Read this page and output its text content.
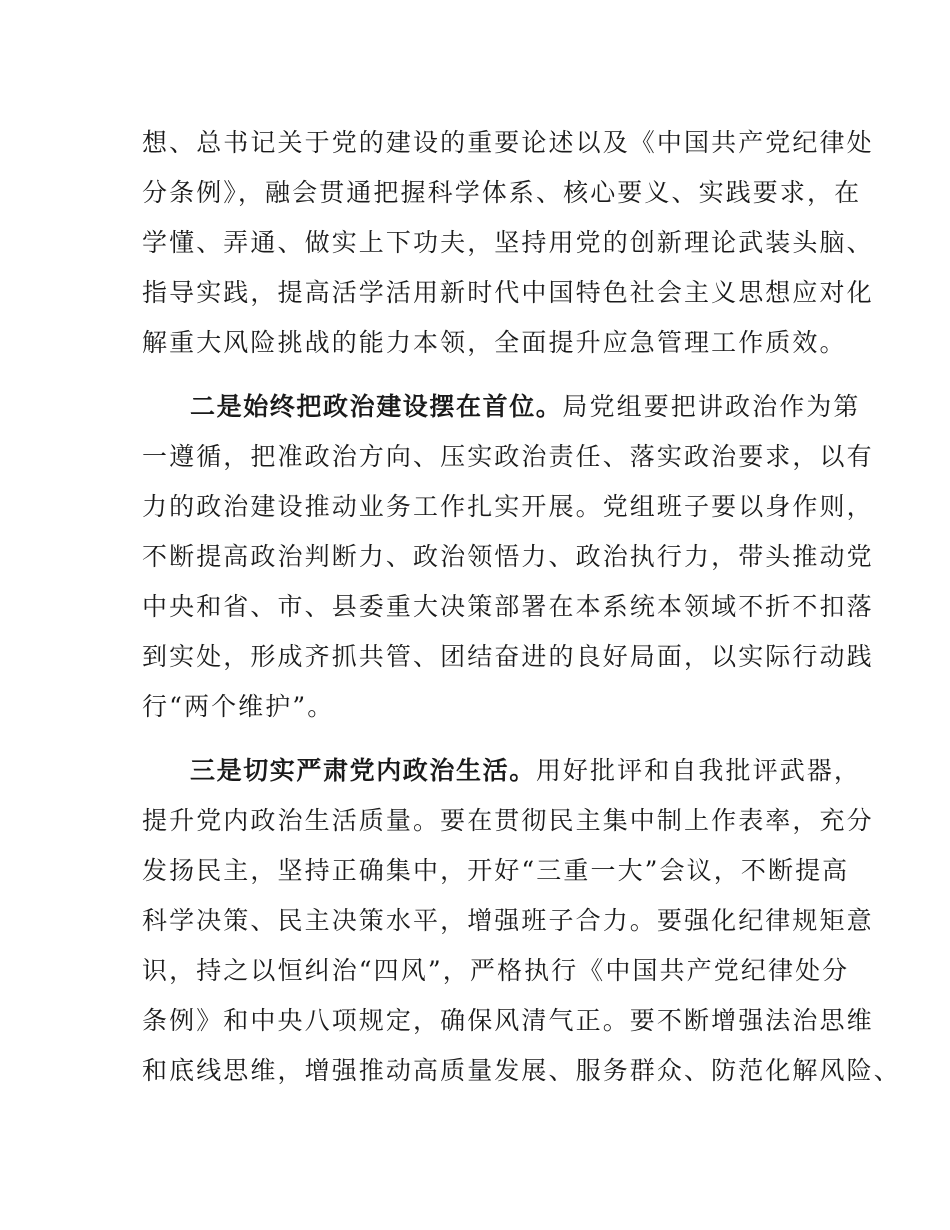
想、总书记关于党的建设的重要论述以及《中国共产党纪律处
分条例》，融会贯通把握科学体系、核心要义、实践要求，在
学懂、弄通、做实上下功夫，坚持用党的创新理论武装头脑、
指导实践，提高活学活用新时代中国特色社会主义思想应对化
解重大风险挑战的能力本领，全面提升应急管理工作质效。
二是始终把政治建设摆在首位。局党组要把讲政治作为第
一遵循，把准政治方向、压实政治责任、落实政治要求，以有
力的政治建设推动业务工作扎实开展。党组班子要以身作则，
不断提高政治判断力、政治领悟力、政治执行力，带头推动党
中央和省、市、县委重大决策部署在本系统本领域不折不扣落
到实处，形成齐抓共管、团结奋进的良好局面，以实际行动践
行“两个维护”。
三是切实严肃党内政治生活。用好批评和自我批评武器，
提升党内政治生活质量。要在贯彻民主集中制上作表率，充分
发扬民主，坚持正确集中，开好“三重一大”会议，不断提高
科学决策、民主决策水平，增强班子合力。要强化纪律规矩意
识，持之以恒纠治“四风”，严格执行《中国共产党纪律处分
条例》和中央八项规定，确保风清气正。要不断增强法治思维
和底线思维，增强推动高质量发展、服务群众、防范化解风险、
